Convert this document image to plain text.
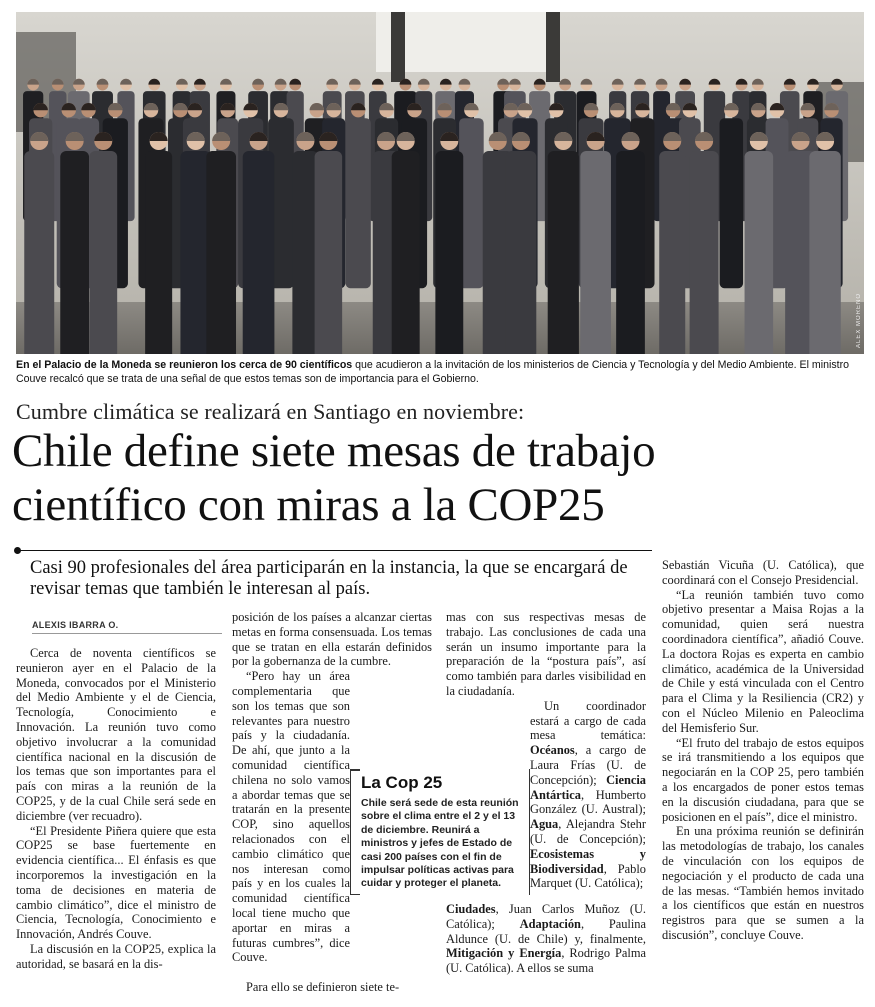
ALEX MORENO
En el Palacio de la Moneda se reunieron los cerca de 90 científicos que acudieron a la invitación de los ministerios de Ciencia y Tecnología y del Medio Ambiente. El ministro Couve recalcó que se trata de una señal de que estos temas son de importancia para el Gobierno.
Cumbre climática se realizará en Santiago en noviembre:
Chile define siete mesas de trabajo
científico con miras a la COP25
Casi 90 profesionales del área participarán en la instancia, la que se encargará de revisar temas que también le interesan al país.
ALEXIS IBARRA O.

Cerca de noventa científicos se reunieron ayer en el Palacio de la Moneda, convocados por el Ministerio del Medio Ambiente y el de Ciencia, Tecnología, Conocimiento e Innovación. La reunión tuvo como objetivo involucrar a la comunidad científica nacional en la discusión de los temas que son importantes para el país con miras a la reunión de la COP25, y de la cual Chile será sede en diciembre (ver recuadro).

“El Presidente Piñera quiere que esta COP25 se base fuertemente en evidencia científica... El énfasis es que incorporemos la investigación en la toma de decisiones en materia de cambio climático”, dice el ministro de Ciencia, Tecnología, Conocimiento e Innovación, Andrés Couve.

La discusión en la COP25, explica la autoridad, se basará en la dis-

posición de los países a alcanzar ciertas metas en forma consensuada. Los temas que se tratan en ella estarán definidos por la gobernanza de la cumbre.

“Pero hay un área complementaria que son los temas que son relevantes para nuestro país y la ciudadanía. De ahí, que junto a la comunidad científica chilena no solo vamos a abordar temas que se tratarán en la presente COP, sino aquellos relacionados con el cambio climático que nos interesan como país y en los cuales la comunidad científica local tiene mucho que aportar en miras a futuras cumbres”, dice Couve.

Para ello se definieron siete te-

mas con sus respectivas mesas de trabajo. Las conclusiones de cada una serán un insumo importante para la preparación de la “postura país”, así como también para darles visibilidad en la ciudadanía.

Un coordinador estará a cargo de cada mesa temática: Océanos, a cargo de Laura Frías (U. de Concepción); Ciencia Antártica, Humberto González (U. Austral); Agua, Alejandra Stehr (U. de Concepción); Ecosistemas y Biodiversidad, Pablo Marquet (U. Católica);

Ciudades, Juan Carlos Muñoz (U. Católica); Adaptación, Paulina Aldunce (U. de Chile) y, finalmente, Mitigación y Energía, Rodrigo Palma (U. Católica). A ellos se suma

La Cop 25
Chile será sede de esta reunión sobre el clima entre el 2 y el 13 de diciembre. Reunirá a ministros y jefes de Estado de casi 200 países con el fin de impulsar políticas activas para cuidar y proteger el planeta.

Sebastián Vicuña (U. Católica), que coordinará con el Consejo Presidencial.

“La reunión también tuvo como objetivo presentar a Maisa Rojas a la comunidad, quien será nuestra coordinadora científica”, añadió Couve. La doctora Rojas es experta en cambio climático, académica de la Universidad de Chile y está vinculada con el Centro para el Clima y la Resiliencia (CR2) y con el Núcleo Milenio en Paleoclima del Hemisferio Sur.

“El fruto del trabajo de estos equipos se irá transmitiendo a los equipos que negociarán en la COP 25, pero también a los encargados de poner estos temas en la discusión ciudadana, para que se posicionen en el país”, dice el ministro.

En una próxima reunión se definirán las metodologías de trabajo, los canales de vinculación con los equipos de negociación y el producto de cada una de las mesas. “También hemos invitado a los científicos que están en nuestros registros para que se sumen a la discusión”, concluye Couve.
